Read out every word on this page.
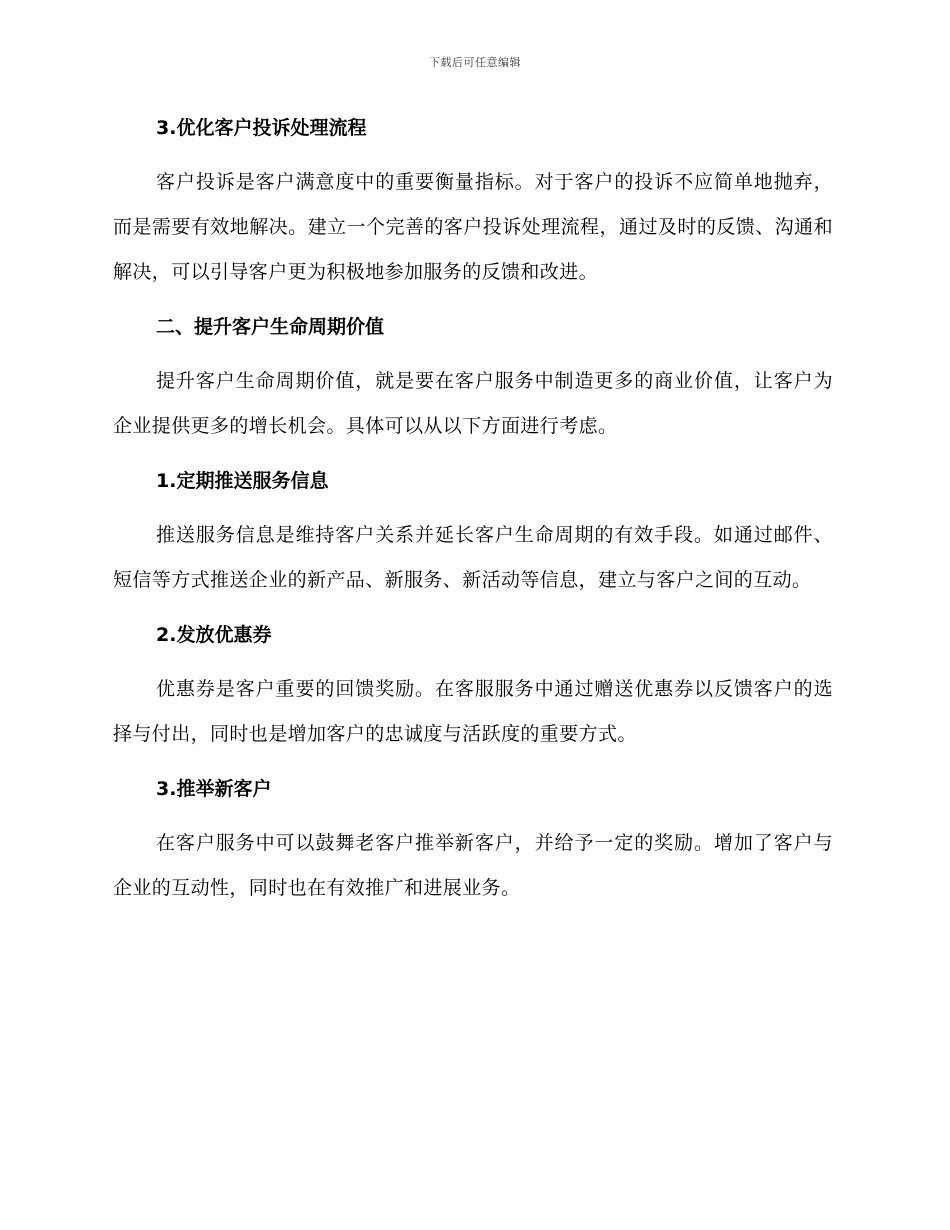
下载后可任意编辑
3.优化客户投诉处理流程

客户投诉是客户满意度中的重要衡量指标。对于客户的投诉不应简单地抛弃，而是需要有效地解决。建立一个完善的客户投诉处理流程，通过及时的反馈、沟通和解决，可以引导客户更为积极地参加服务的反馈和改进。

二、提升客户生命周期价值

提升客户生命周期价值，就是要在客户服务中制造更多的商业价值，让客户为企业提供更多的增长机会。具体可以从以下方面进行考虑。

1.定期推送服务信息

推送服务信息是维持客户关系并延长客户生命周期的有效手段。如通过邮件、短信等方式推送企业的新产品、新服务、新活动等信息，建立与客户之间的互动。

2.发放优惠券

优惠券是客户重要的回馈奖励。在客服服务中通过赠送优惠券以反馈客户的选择与付出，同时也是增加客户的忠诚度与活跃度的重要方式。

3.推举新客户

在客户服务中可以鼓舞老客户推举新客户，并给予一定的奖励。增加了客户与企业的互动性，同时也在有效推广和进展业务。
